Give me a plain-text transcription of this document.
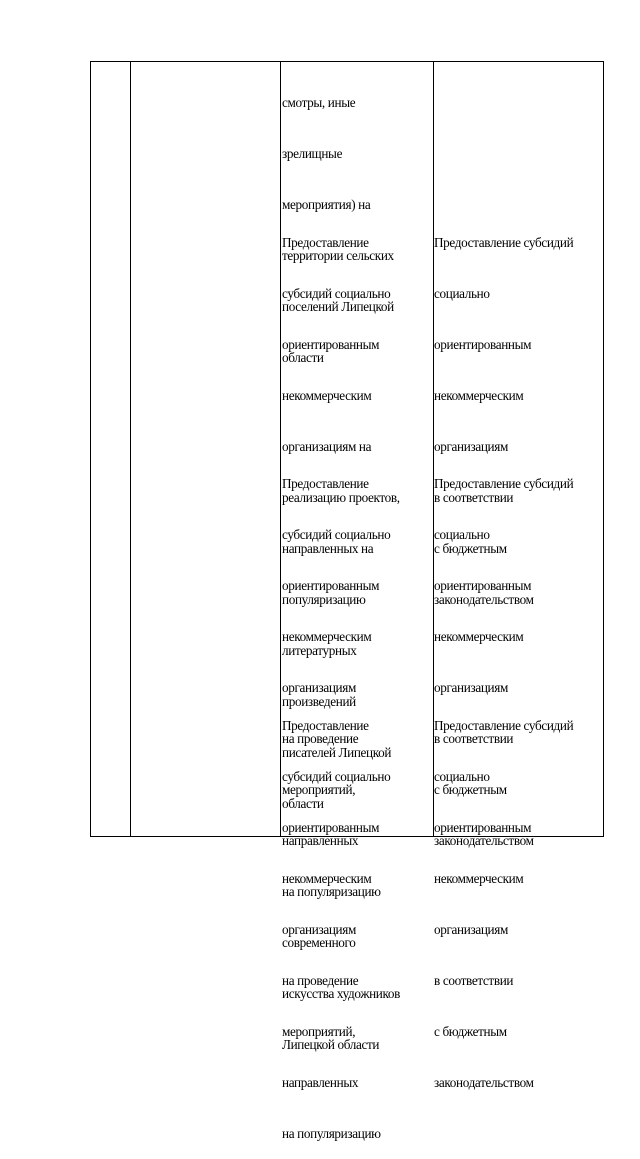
смотры, иные

зрелищные

мероприятия) на

территории сельских

поселений Липецкой

области

Предоставление

субсидий социально

ориентированным

некоммерческим

организациям на

реализацию проектов,

направленных на

популяризацию

литературных

произведений

писателей Липецкой

области

Предоставление субсидий

социально

ориентированным

некоммерческим

организациям

в соответствии

с бюджетным

законодательством

Предоставление

субсидий социально

ориентированным

некоммерческим

организациям

на проведение

мероприятий,

направленных

на популяризацию

современного

искусства художников

Липецкой области

Предоставление субсидий

социально

ориентированным

некоммерческим

организациям

в соответствии

с бюджетным

законодательством

Предоставление

субсидий социально

ориентированным

некоммерческим

организациям

на проведение

мероприятий,

направленных

на популяризацию

Предоставление субсидий

социально

ориентированным

некоммерческим

организациям

в соответствии

с бюджетным

законодательством
